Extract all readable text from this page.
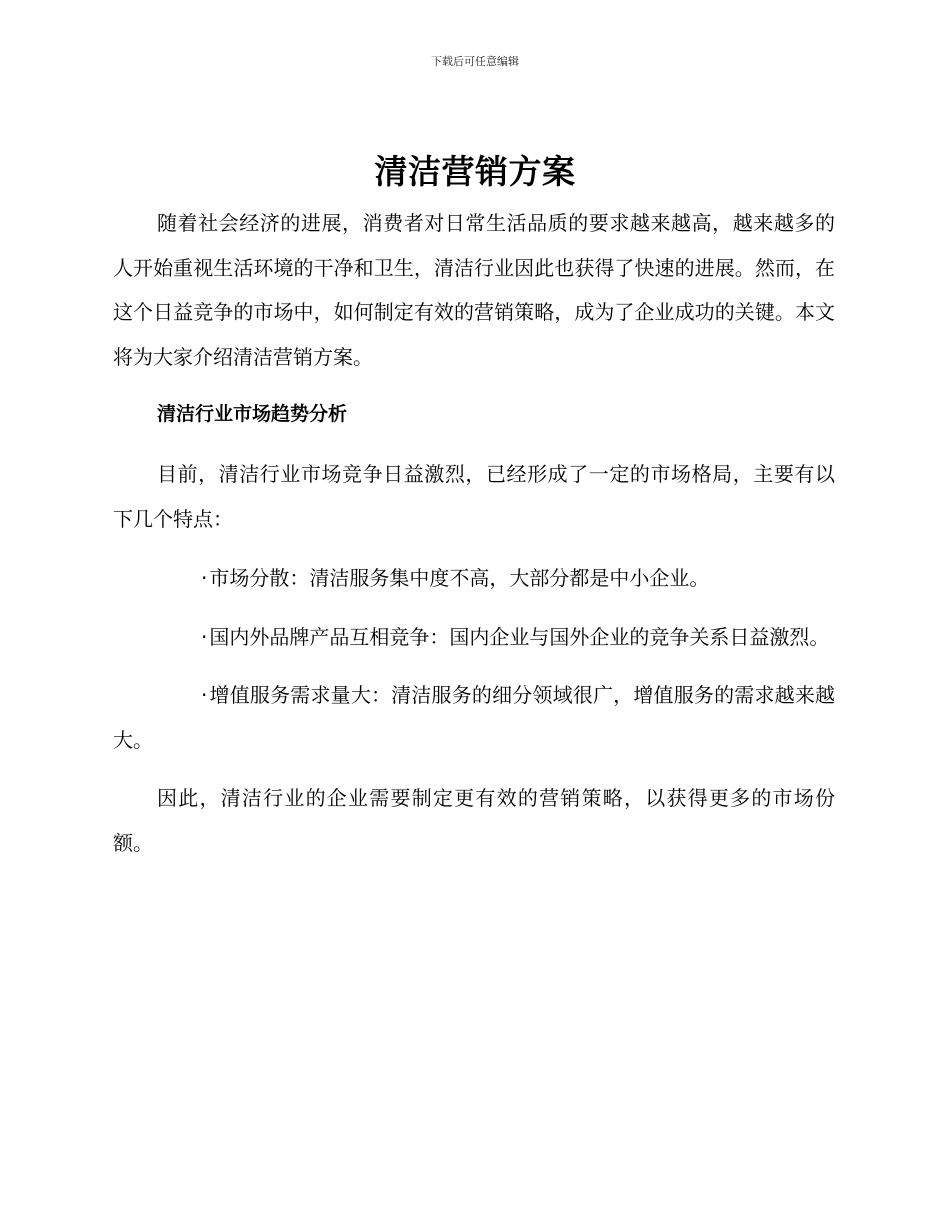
下载后可任意编辑
清洁营销方案

随着社会经济的进展，消费者对日常生活品质的要求越来越高，越来越多的人开始重视生活环境的干净和卫生，清洁行业因此也获得了快速的进展。然而，在这个日益竞争的市场中，如何制定有效的营销策略，成为了企业成功的关键。本文将为大家介绍清洁营销方案。

清洁行业市场趋势分析

目前，清洁行业市场竞争日益激烈，已经形成了一定的市场格局，主要有以下几个特点：

· 市场分散：清洁服务集中度不高，大部分都是中小企业。
· 国内外品牌产品互相竞争：国内企业与国外企业的竞争关系日益激烈。
· 增值服务需求量大：清洁服务的细分领域很广，增值服务的需求越来越大。

因此，清洁行业的企业需要制定更有效的营销策略，以获得更多的市场份额。
